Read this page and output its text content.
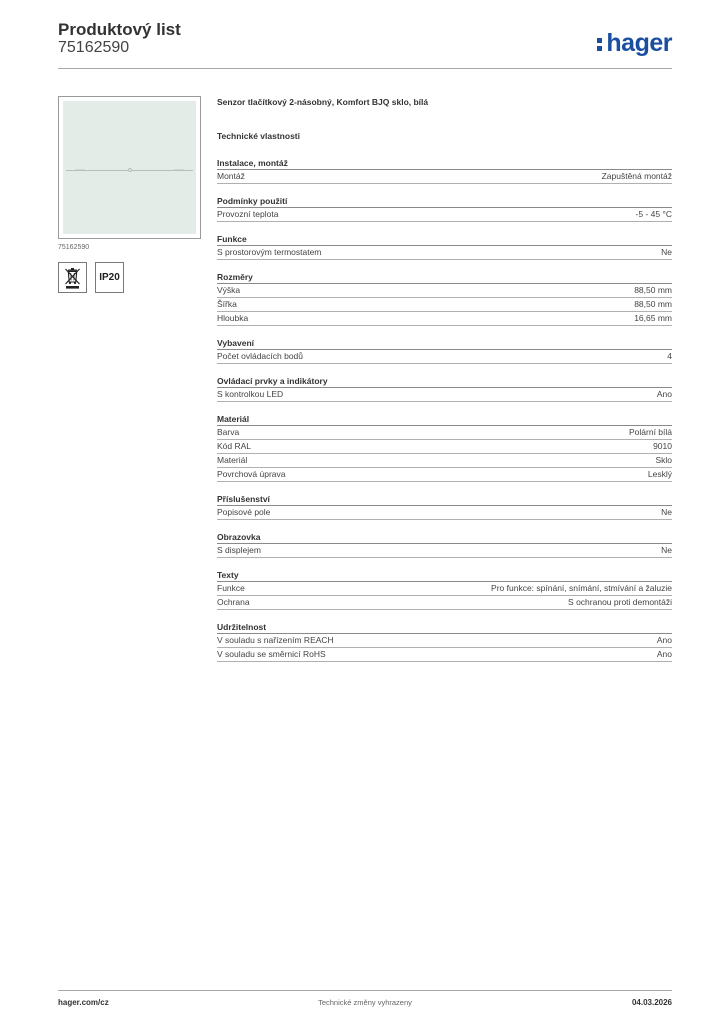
Produktový list
75162590	hager
75162590
IP20
Senzor tlačítkový 2-násobný, Komfort BJQ sklo, bílá
Technické vlastnosti
Instalace, montáž
Montáž	Zapuštěná montáž
Podmínky použití
Provozní teplota	-5 - 45 °C
Funkce
S prostorovým termostatem	Ne
Rozměry
Výška	88,50 mm
Šířka	88,50 mm
Hloubka	16,65 mm
Vybavení
Počet ovládacích bodů	4
Ovládací prvky a indikátory
S kontrolkou LED	Ano
Materiál
Barva	Polární bílá
Kód RAL	9010
Materiál	Sklo
Povrchová úprava	Lesklý
Příslušenství
Popisové pole	Ne
Obrazovka
S displejem	Ne
Texty
Funkce	Pro funkce: spínání, snímání, stmívání a žaluzie
Ochrana	S ochranou proti demontáži
Udržitelnost
V souladu s nařízením REACH	Ano
V souladu se směrnicí RoHS	Ano
hager.com/cz	Technické změny vyhrazeny	04.03.2026
